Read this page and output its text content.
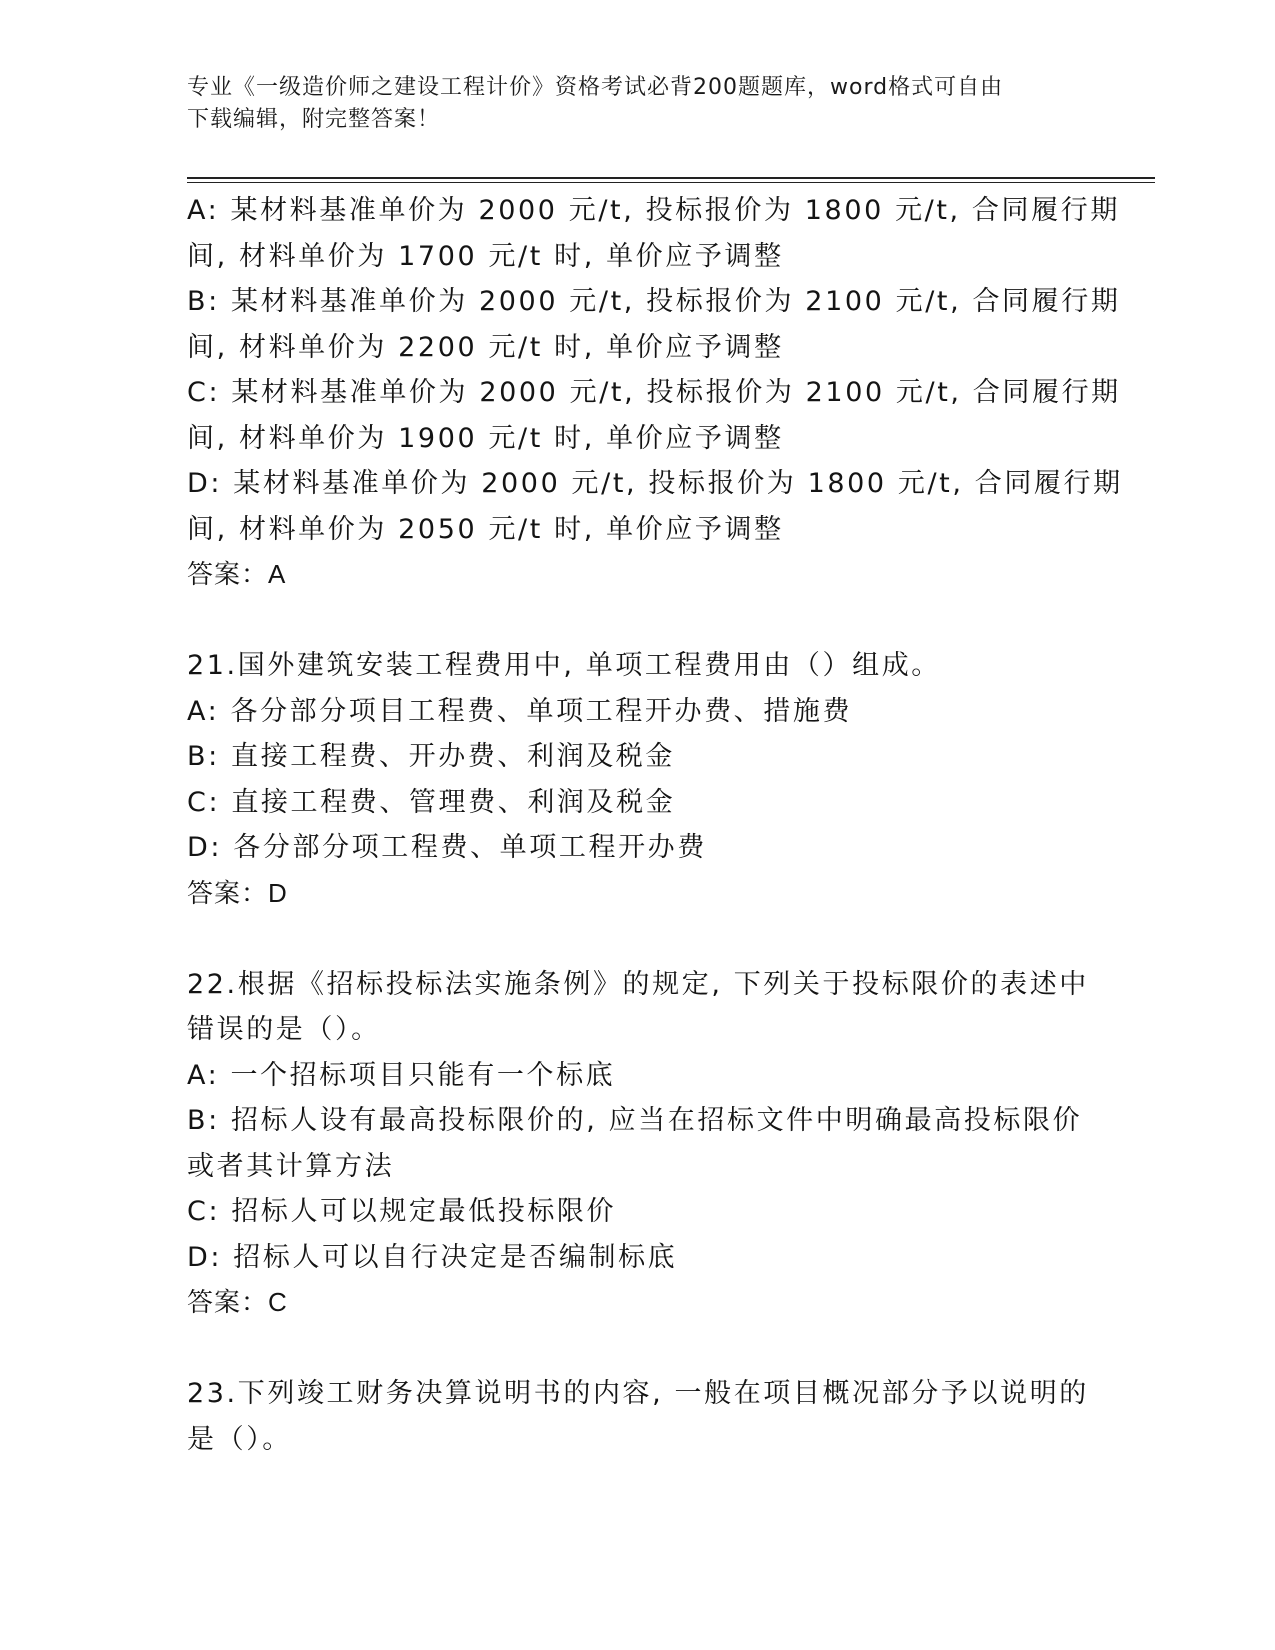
专业《一级造价师之建设工程计价》资格考试必背200题题库，word格式可自由
下载编辑，附完整答案！
A: 某材料基准单价为 2000 元/t, 投标报价为 1800 元/t, 合同履行期
间, 材料单价为 1700 元/t 时, 单价应予调整
B: 某材料基准单价为 2000 元/t, 投标报价为 2100 元/t, 合同履行期
间, 材料单价为 2200 元/t 时, 单价应予调整
C: 某材料基准单价为 2000 元/t, 投标报价为 2100 元/t, 合同履行期
间, 材料单价为 1900 元/t 时, 单价应予调整
D: 某材料基准单价为 2000 元/t, 投标报价为 1800 元/t, 合同履行期
间, 材料单价为 2050 元/t 时, 单价应予调整
答案：A
21.国外建筑安装工程费用中, 单项工程费用由（）组成。
A: 各分部分项目工程费、单项工程开办费、措施费
B: 直接工程费、开办费、利润及税金
C: 直接工程费、管理费、利润及税金
D: 各分部分项工程费、单项工程开办费
答案：D
22.根据《招标投标法实施条例》的规定, 下列关于投标限价的表述中
错误的是（）。
A: 一个招标项目只能有一个标底
B: 招标人设有最高投标限价的, 应当在招标文件中明确最高投标限价
或者其计算方法
C: 招标人可以规定最低投标限价
D: 招标人可以自行决定是否编制标底
答案：C
23.下列竣工财务决算说明书的内容, 一般在项目概况部分予以说明的
是（）。
